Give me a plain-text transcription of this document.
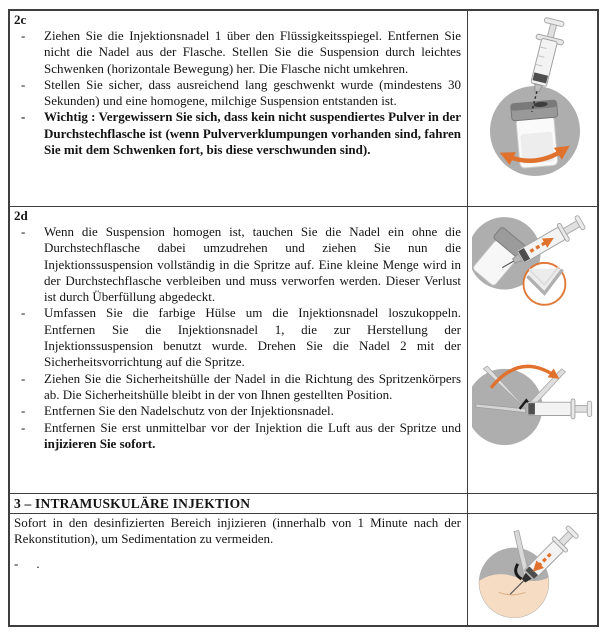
2c
- Ziehen Sie die Injektionsnadel 1 über den Flüssigkeitsspiegel. Entfernen Sie nicht die Nadel aus der Flasche. Stellen Sie die Suspension durch leichtes Schwenken (horizontale Bewegung) her. Die Flasche nicht umkehren.
- Stellen Sie sicher, dass ausreichend lang geschwenkt wurde (mindestens 30 Sekunden) und eine homogene, milchige Suspension entstanden ist.
- Wichtig : Vergewissern Sie sich, dass kein nicht suspendiertes Pulver in der Durchstechflasche ist (wenn Pulververklumpungen vorhanden sind, fahren Sie mit dem Schwenken fort, bis diese verschwunden sind).
2d
- Wenn die Suspension homogen ist, tauchen Sie die Nadel ein ohne die Durchstechflasche dabei umzudrehen und ziehen Sie nun die Injektionssuspension vollständig in die Spritze auf. Eine kleine Menge wird in der Durchstechflasche verbleiben und muss verworfen werden. Dieser Verlust ist durch Überfüllung abgedeckt.
- Umfassen Sie die farbige Hülse um die Injektionsnadel loszukoppeln. Entfernen Sie die Injektionsnadel 1, die zur Herstellung der Injektionssuspension benutzt wurde. Drehen Sie die Nadel 2 mit der Sicherheitsvorrichtung auf die Spritze.
- Ziehen Sie die Sicherheitshülle der Nadel in die Richtung des Spritzenkörpers ab. Die Sicherheitshülle bleibt in der von Ihnen gestellten Position.
- Entfernen Sie den Nadelschutz von der Injektionsnadel.
- Entfernen Sie erst unmittelbar vor der Injektion die Luft aus der Spritze und injizieren Sie sofort.
3 – INTRAMUSKULÄRE INJEKTION
Sofort in den desinfizierten Bereich injizieren (innerhalb von 1 Minute nach der Rekonstitution), um Sedimentation zu vermeiden.
- .
